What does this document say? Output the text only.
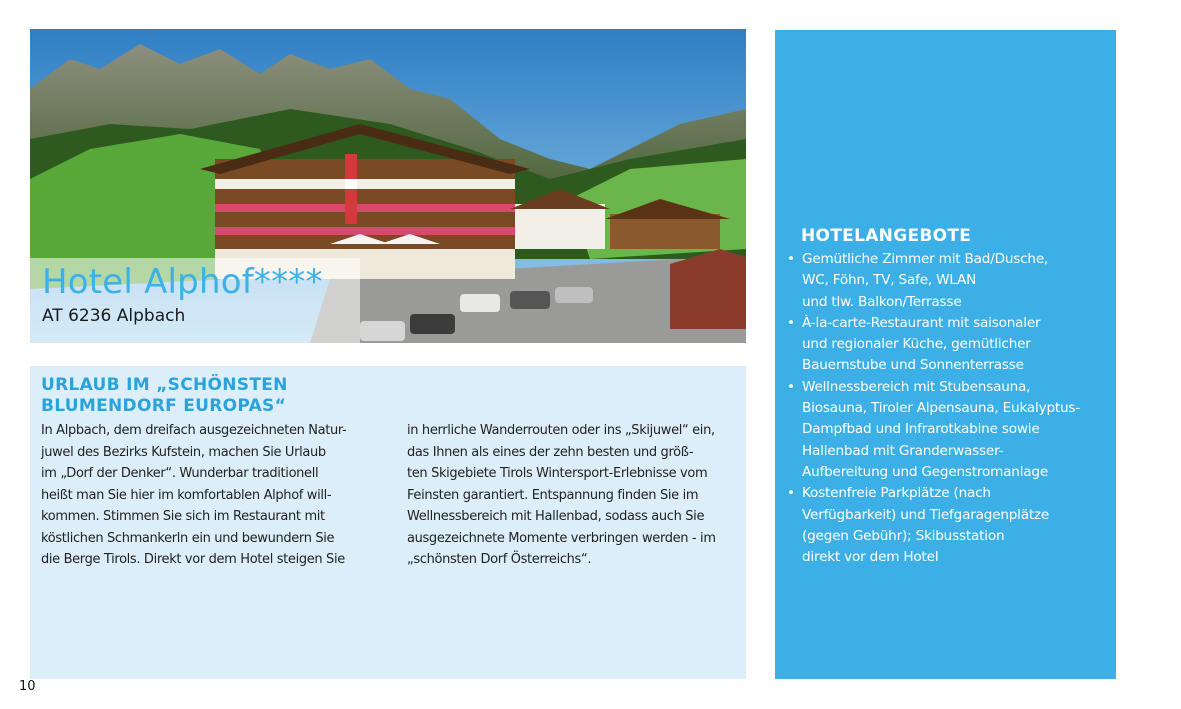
Hotel Alphof****

AT 6236 Alpbach

URLAUB IM „SCHÖNSTEN
BLUMENDORF EUROPAS“

In Alpbach, dem dreifach ausgezeichneten Natur-
juwel des Bezirks Kufstein, machen Sie Urlaub
im „Dorf der Denker“. Wunderbar traditionell
heißt man Sie hier im komfortablen Alphof will-
kommen. Stimmen Sie sich im Restaurant mit
köstlichen Schmankerln ein und bewundern Sie
die Berge Tirols. Direkt vor dem Hotel steigen Sie

in herrliche Wanderrouten oder ins „Skijuwel“ ein,
das Ihnen als eines der zehn besten und größ-
ten Skigebiete Tirols Wintersport-Erlebnisse vom
Feinsten garantiert. Entspannung finden Sie im
Wellnessbereich mit Hallenbad, sodass auch Sie
ausgezeichnete Momente verbringen werden - im
„schönsten Dorf Österreichs“.

HOTELANGEBOTE
• Gemütliche Zimmer mit Bad/Dusche,
WC, Föhn, TV, Safe, WLAN
und tlw. Balkon/Terrasse
• À-la-carte-Restaurant mit saisonaler
und regionaler Küche, gemütlicher
Bauernstube und Sonnenterrasse
• Wellnessbereich mit Stubensauna,
Biosauna, Tiroler Alpensauna, Eukalyptus-
Dampfbad und Infrarotkabine sowie
Hallenbad mit Granderwasser-
Aufbereitung und Gegenstromanlage
• Kostenfreie Parkplätze (nach
Verfügbarkeit) und Tiefgaragenplätze
(gegen Gebühr); Skibusstation
direkt vor dem Hotel
10
